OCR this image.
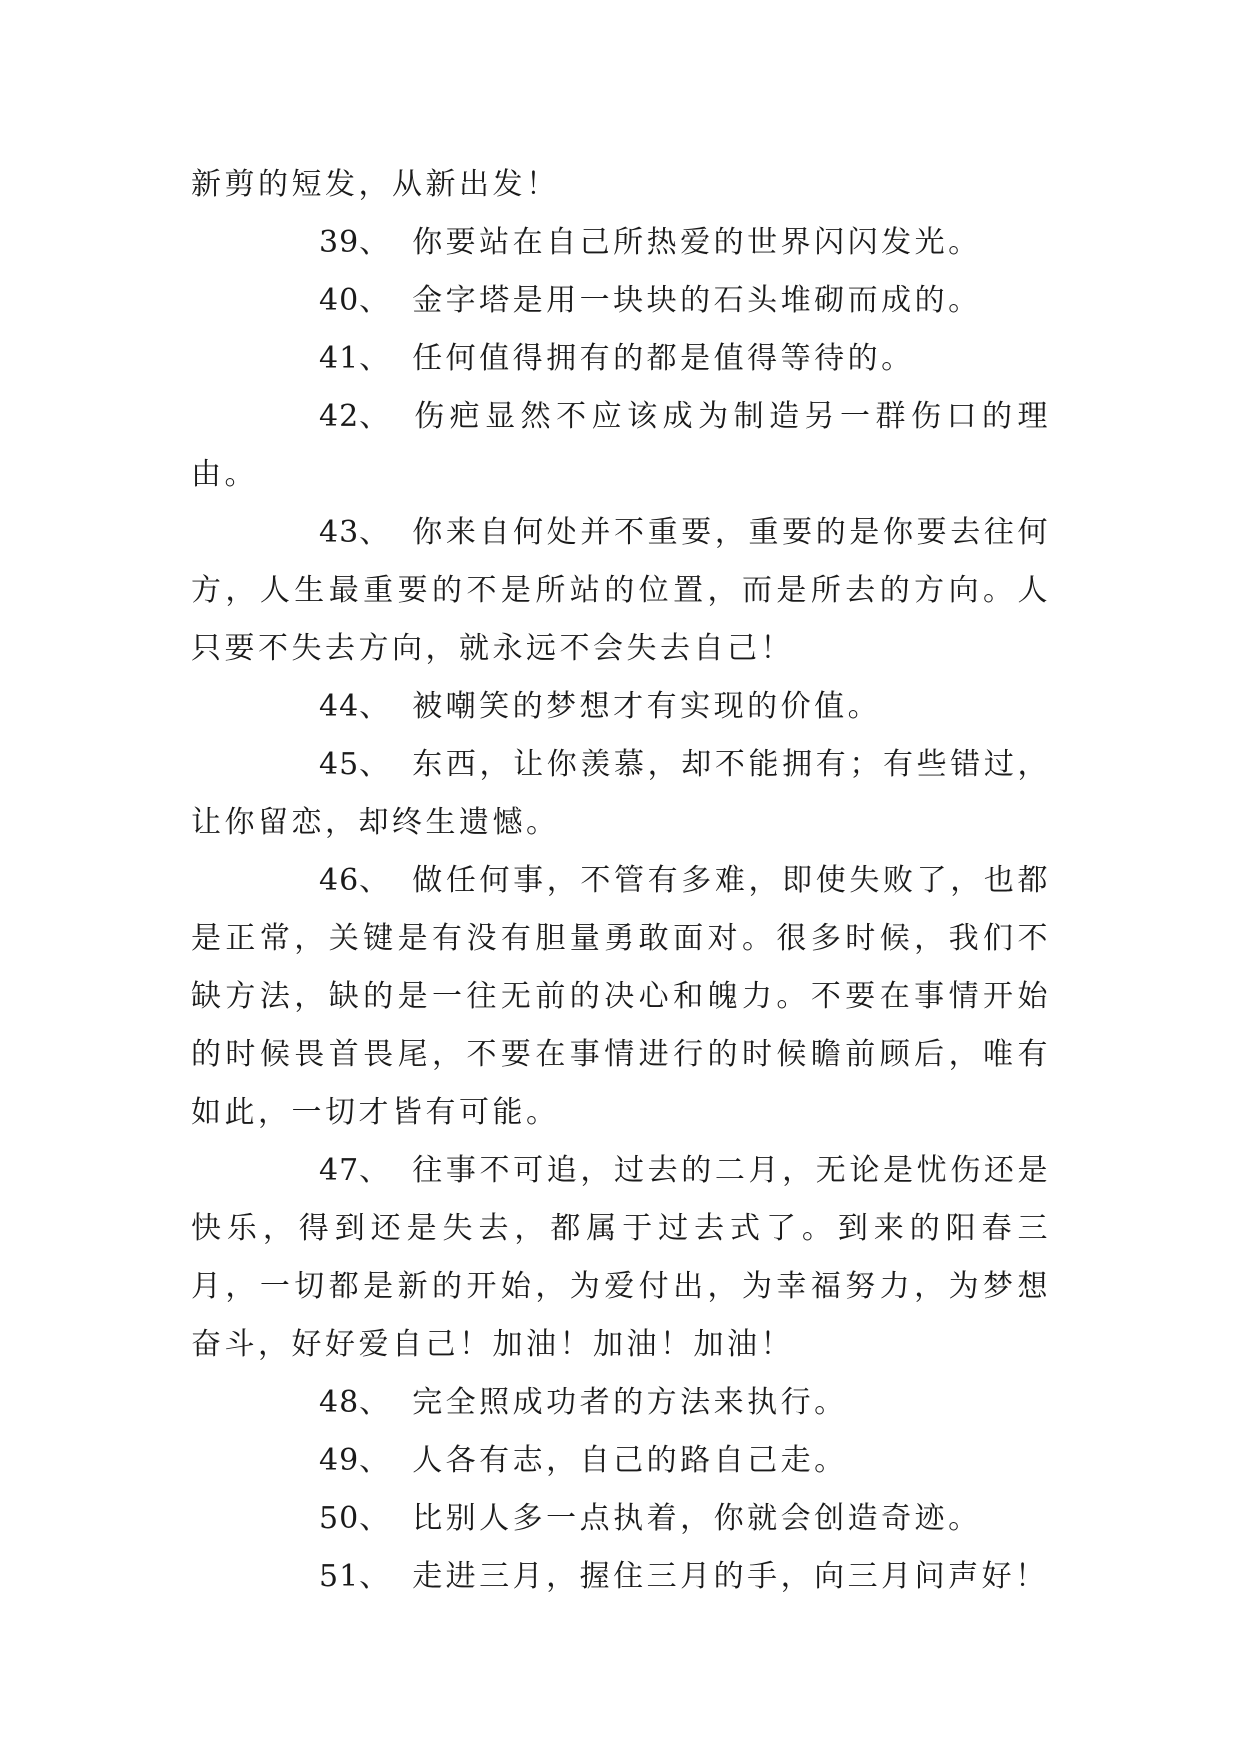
新剪的短发，从新出发！

39、 你要站在自己所热爱的世界闪闪发光。

40、 金字塔是用一块块的石头堆砌而成的。

41、 任何值得拥有的都是值得等待的。

42、 伤疤显然不应该成为制造另一群伤口的理由。

43、 你来自何处并不重要，重要的是你要去往何方，人生最重要的不是所站的位置，而是所去的方向。人只要不失去方向，就永远不会失去自己！

44、 被嘲笑的梦想才有实现的价值。

45、 东西，让你羡慕，却不能拥有；有些错过，让你留恋，却终生遗憾。

46、 做任何事，不管有多难，即使失败了，也都是正常，关键是有没有胆量勇敢面对。很多时候，我们不缺方法，缺的是一往无前的决心和魄力。不要在事情开始的时候畏首畏尾，不要在事情进行的时候瞻前顾后，唯有如此，一切才皆有可能。

47、 往事不可追，过去的二月，无论是忧伤还是快乐，得到还是失去，都属于过去式了。到来的阳春三月，一切都是新的开始，为爱付出，为幸福努力，为梦想奋斗，好好爱自己！加油！加油！加油！

48、 完全照成功者的方法来执行。

49、 人各有志，自己的路自己走。

50、 比别人多一点执着，你就会创造奇迹。

51、 走进三月，握住三月的手，向三月问声好！
